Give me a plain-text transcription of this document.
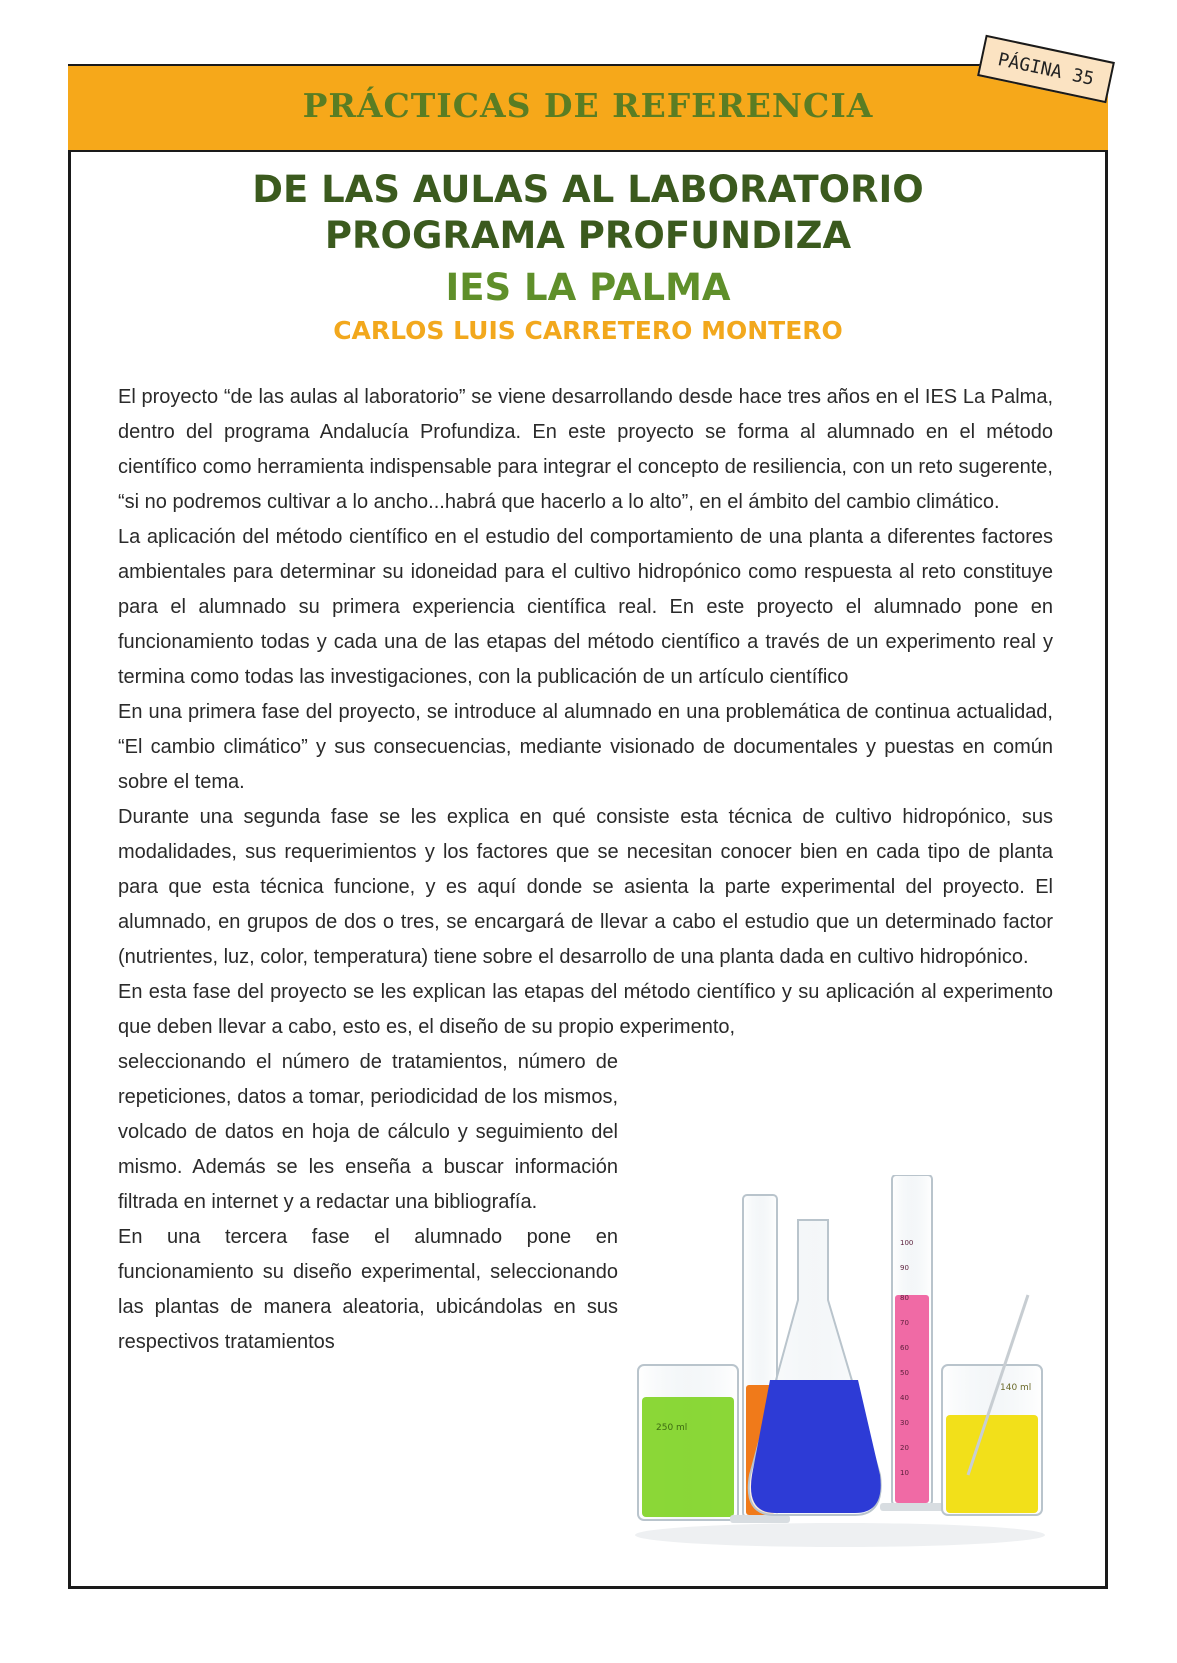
PRÁCTICAS DE REFERENCIA
PÁGINA 35
DE LAS AULAS AL LABORATORIO
PROGRAMA PROFUNDIZA
IES LA PALMA
CARLOS LUIS CARRETERO MONTERO

El proyecto “de las aulas al laboratorio” se viene desarrollando desde hace tres años en el IES La Palma, dentro del programa Andalucía Profundiza. En este proyecto se forma al alumnado en el método científico como herramienta indispensable para integrar el concepto de resiliencia, con un reto sugerente, “si no podremos cultivar a lo ancho...habrá que hacerlo a lo alto”, en el ámbito del cambio climático.

La aplicación del método científico en el estudio del comportamiento de una planta a diferentes factores ambientales para determinar su idoneidad para el cultivo hidropónico como respuesta al reto constituye para el alumnado su primera experiencia científica real. En este proyecto el alumnado pone en funcionamiento todas y cada una de las etapas del método científico a través de un experimento real y termina como todas las investigaciones, con la publicación de un artículo científico

En una primera fase del proyecto, se introduce al alumnado en una problemática de continua actualidad, “El cambio climático” y sus consecuencias, mediante visionado de documentales y puestas en común sobre el tema.

Durante una segunda fase se les explica en qué consiste esta técnica de cultivo hidropónico, sus modalidades, sus requerimientos y los factores que se necesitan conocer bien en cada tipo de planta para que esta técnica funcione, y es aquí donde se asienta la parte experimental del proyecto. El alumnado, en grupos de dos o tres, se encargará de llevar a cabo el estudio que un determinado factor (nutrientes, luz, color, temperatura) tiene sobre el desarrollo de una planta dada en cultivo hidropónico.

En esta fase del proyecto se les explican las etapas del método científico y su aplicación al experimento que deben llevar a cabo, esto es, el diseño de su propio experimento,

seleccionando el número de tratamientos, número de repeticiones, datos a tomar, periodicidad de los mismos, volcado de datos en hoja de cálculo y seguimiento del mismo. Además se les enseña a buscar información filtrada en internet y a redactar una bibliografía.

En una tercera fase el alumnado pone en funcionamiento su diseño experimental, seleccionando las plantas de manera aleatoria, ubicándolas en sus respectivos tratamientos

250 ml
100
90
80
70
60
50
40
30
20
10
140 ml
